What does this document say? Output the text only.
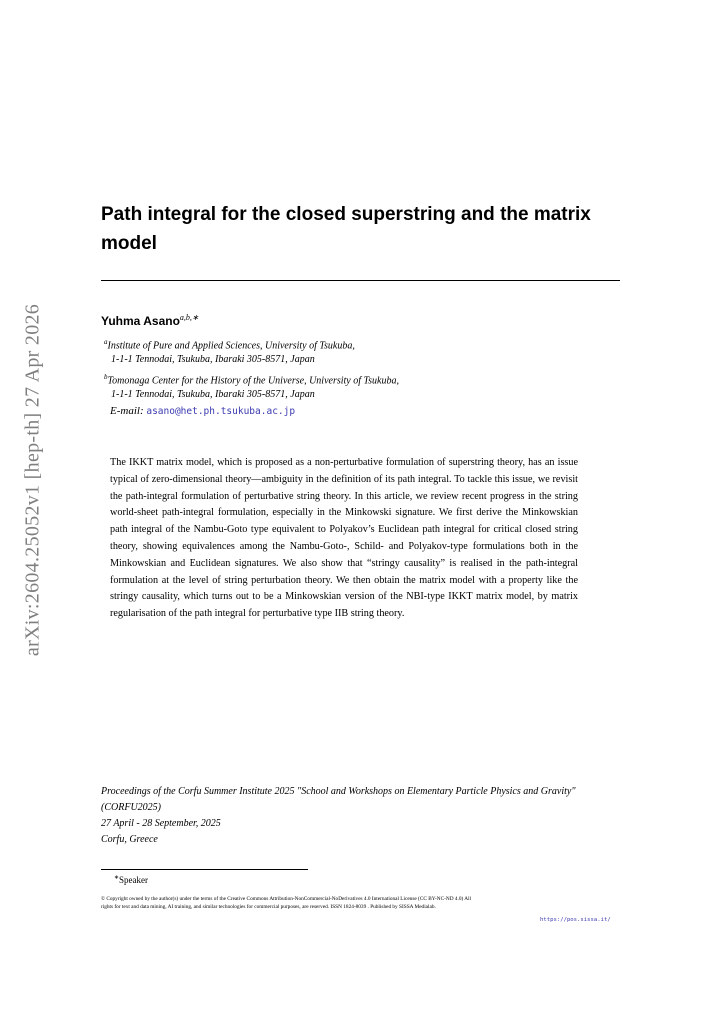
arXiv:2604.25052v1 [hep-th] 27 Apr 2026
Path integral for the closed superstring and the matrix model
Yuhma Asano$^{a,b,∗}$
$^a$Institute of Pure and Applied Sciences, University of Tsukuba,
1-1-1 Tennodai, Tsukuba, Ibaraki 305-8571, Japan
$^b$Tomonaga Center for the History of the Universe, University of Tsukuba,
1-1-1 Tennodai, Tsukuba, Ibaraki 305-8571, Japan
E-mail: asano@het.ph.tsukuba.ac.jp

The IKKT matrix model, which is proposed as a non-perturbative formulation of superstring theory, has an issue typical of zero-dimensional theory—ambiguity in the definition of its path integral. To tackle this issue, we revisit the path-integral formulation of perturbative string theory. In this article, we review recent progress in the string world-sheet path-integral formulation, especially in the Minkowski signature. We first derive the Minkowskian path integral of the Nambu-Goto type equivalent to Polyakov’s Euclidean path integral for critical closed string theory, showing equivalences among the Nambu-Goto-, Schild- and Polyakov-type formulations both in the Minkowskian and Euclidean signatures. We also show that “stringy causality” is realised in the path-integral formulation at the level of string perturbation theory. We then obtain the matrix model with a property like the stringy causality, which turns out to be a Minkowskian version of the NBI-type IKKT matrix model, by matrix regularisation of the path integral for perturbative type IIB string theory.

Proceedings of the Corfu Summer Institute 2025 "School and Workshops on Elementary Particle Physics and Gravity" (CORFU2025)
27 April - 28 September, 2025
Corfu, Greece
∗Speaker
© Copyright owned by the author(s) under the terms of the Creative Commons Attribution-NonCommercial-NoDerivatives 4.0 International License (CC BY-NC-ND 4.0) All rights for text and data mining, AI training, and similar technologies for commercial purposes, are reserved. ISSN 1824-8039 . Published by SISSA Medialab.
https://pos.sissa.it/
